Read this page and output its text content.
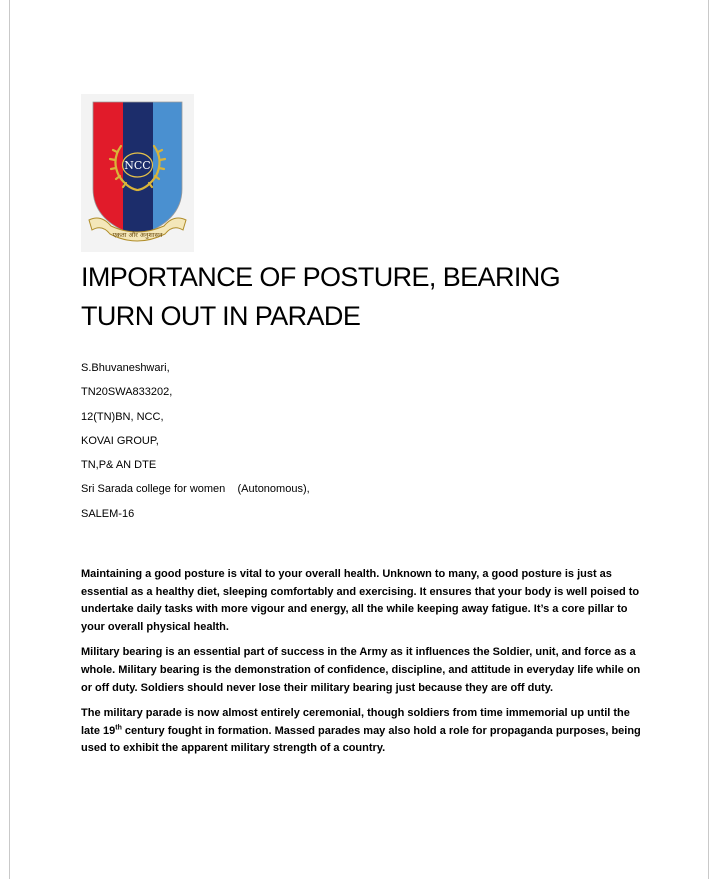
NCC
एकता और अनुशासन
IMPORTANCE OF POSTURE, BEARING
TURN OUT IN PARADE
S.Bhuvaneshwari,
TN20SWA833202,
12(TN)BN, NCC,
KOVAI GROUP,
TN,P& AN DTE
Sri Sarada college for women    (Autonomous),
SALEM-16

Maintaining a good posture is vital to your overall health. Unknown to many, a good posture is just as essential as a healthy diet, sleeping comfortably and exercising. It ensures that your body is well poised to undertake daily tasks with more vigour and energy, all the while keeping away fatigue. It’s a core pillar to your overall physical health.

Military bearing is an essential part of success in the Army as it influences the Soldier, unit, and force as a whole. Military bearing is the demonstration of confidence, discipline, and attitude in everyday life while on or off duty. Soldiers should never lose their military bearing just because they are off duty.

The military parade is now almost entirely ceremonial, though soldiers from time immemorial up until the late 19th century fought in formation. Massed parades may also hold a role for propaganda purposes, being used to exhibit the apparent military strength of a country.
